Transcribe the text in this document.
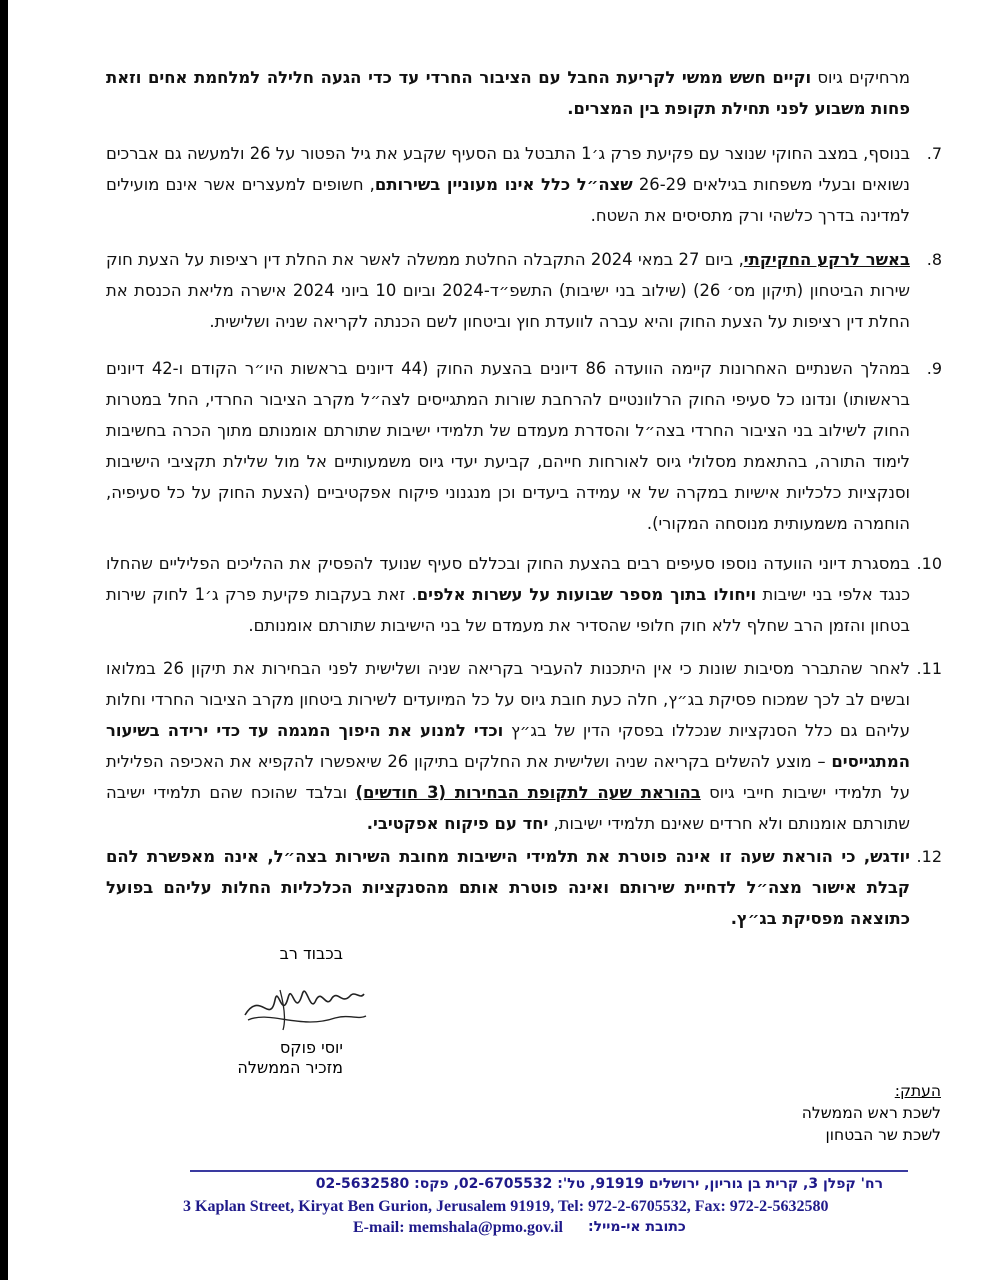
מרחיקים גיוס וקיים חשש ממשי לקריעת החבל עם הציבור החרדי עד כדי הגעה חלילה למלחמת אחים וזאת פחות משבוע לפני תחילת תקופת בין המצרים.
7.
בנוסף, במצב החוקי שנוצר עם פקיעת פרק ג׳1 התבטל גם הסעיף שקבע את גיל הפטור על 26 ולמעשה גם אברכים נשואים ובעלי משפחות בגילאים 26-29 שצה״ל כלל אינו מעוניין בשירותם, חשופים למעצרים אשר אינם מועילים למדינה בדרך כלשהי ורק מתסיסים את השטח.
8.
באשר לרקע החקיקתי, ביום 27 במאי 2024 התקבלה החלטת ממשלה לאשר את החלת דין רציפות על הצעת חוק שירות הביטחון (תיקון מס׳ 26) (שילוב בני ישיבות) התשפ״ד-2024 וביום 10 ביוני 2024 אישרה מליאת הכנסת את החלת דין רציפות על הצעת החוק והיא עברה לוועדת חוץ וביטחון לשם הכנתה לקריאה שניה ושלישית.
9.
במהלך השנתיים האחרונות קיימה הוועדה 86 דיונים בהצעת החוק (44 דיונים בראשות היו״ר הקודם ו-42 דיונים בראשותו) ונדונו כל סעיפי החוק הרלוונטיים להרחבת שורות המתגייסים לצה״ל מקרב הציבור החרדי, החל במטרות החוק לשילוב בני הציבור החרדי בצה״ל והסדרת מעמדם של תלמידי ישיבות שתורתם אומנותם מתוך הכרה בחשיבות לימוד התורה, בהתאמת מסלולי גיוס לאורחות חייהם, קביעת יעדי גיוס משמעותיים אל מול שלילת תקציבי הישיבות וסנקציות כלכליות אישיות במקרה של אי עמידה ביעדים וכן מנגנוני פיקוח אפקטיביים (הצעת החוק על כל סעיפיה, הוחמרה משמעותית מנוסחה המקורי).
10.
במסגרת דיוני הוועדה נוספו סעיפים רבים בהצעת החוק ובכללם סעיף שנועד להפסיק את ההליכים הפליליים שהחלו כנגד אלפי בני ישיבות ויחולו בתוך מספר שבועות על עשרות אלפים. זאת בעקבות פקיעת פרק ג׳1 לחוק שירות בטחון והזמן הרב שחלף ללא חוק חלופי שהסדיר את מעמדם של בני הישיבות שתורתם אומנותם.
11.
לאחר שהתברר מסיבות שונות כי אין היתכנות להעביר בקריאה שניה ושלישית לפני הבחירות את תיקון 26 במלואו ובשים לב לכך שמכוח פסיקת בג״ץ, חלה כעת חובת גיוס על כל המיועדים לשירות ביטחון מקרב הציבור החרדי וחלות עליהם גם כלל הסנקציות שנכללו בפסקי הדין של בג״ץ וכדי למנוע את היפוך המגמה עד כדי ירידה בשיעור המתגייסים – מוצע להשלים בקריאה שניה ושלישית את החלקים בתיקון 26 שיאפשרו להקפיא את האכיפה הפלילית על תלמידי ישיבות חייבי גיוס בהוראת שעה לתקופת הבחירות (3 חודשים) ובלבד שהוכח שהם תלמידי ישיבה שתורתם אומנותם ולא חרדים שאינם תלמידי ישיבות, יחד עם פיקוח אפקטיבי.
12.
יודגש, כי הוראת שעה זו אינה פוטרת את תלמידי הישיבות מחובת השירות בצה״ל, אינה מאפשרת להם קבלת אישור מצה״ל לדחיית שירותם ואינה פוטרת אותם מהסנקציות הכלכליות החלות עליהם בפועל כתוצאה מפסיקת בג״ץ.
בכבוד רב
יוסי פוקס
מזכיר הממשלה
העתק:
לשכת ראש הממשלה
לשכת שר הבטחון
רח' קפלן 3, קרית בן גוריון, ירושלים 91919, טל': 02-6705532, פקס: 02-5632580
3 Kaplan Street, Kiryat Ben Gurion, Jerusalem 91919, Tel: 972-2-6705532, Fax: 972-2-5632580
E-mail: memshala@pmo.gov.il כתובת אי-מייל:
